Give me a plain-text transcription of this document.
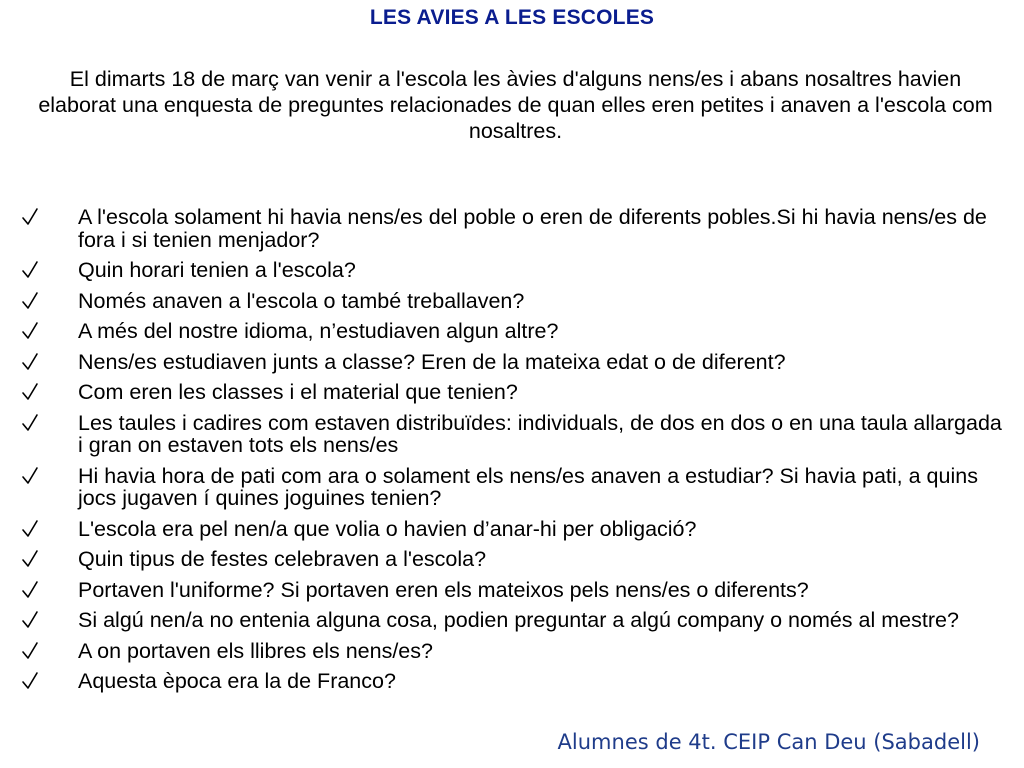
LES AVIES A LES ESCOLES
El dimarts 18 de març van venir a l'escola les àvies d'alguns nens/es i abans nosaltres havien elaborat una enquesta de preguntes relacionades de quan elles eren petites i anaven a l'escola com nosaltres.
A l'escola solament hi havia nens/es del poble o eren de diferents pobles.Si hi havia nens/es de fora i si tenien menjador?
Quin horari tenien a l'escola?
Només anaven a l'escola o també treballaven?
A més del nostre idioma, n’estudiaven algun altre?
Nens/es estudiaven junts a classe? Eren de la mateixa edat o de diferent?
Com eren les classes i el material que tenien?
Les taules i cadires com estaven distribuïdes: individuals, de dos en dos o en una taula allargada i gran on estaven tots els nens/es
Hi havia hora de pati com ara o solament els nens/es anaven a estudiar? Si havia pati, a quins jocs jugaven í quines joguines tenien?
L'escola era pel nen/a que volia o havien d’anar-hi per obligació?
Quin tipus de festes celebraven a l'escola?
Portaven l'uniforme? Si portaven eren els mateixos pels nens/es o diferents?
Si algú nen/a no entenia alguna cosa, podien preguntar a algú company o només al mestre?
A on portaven els llibres els nens/es?
Aquesta època era la de Franco?
Alumnes de 4t. CEIP Can Deu (Sabadell)
